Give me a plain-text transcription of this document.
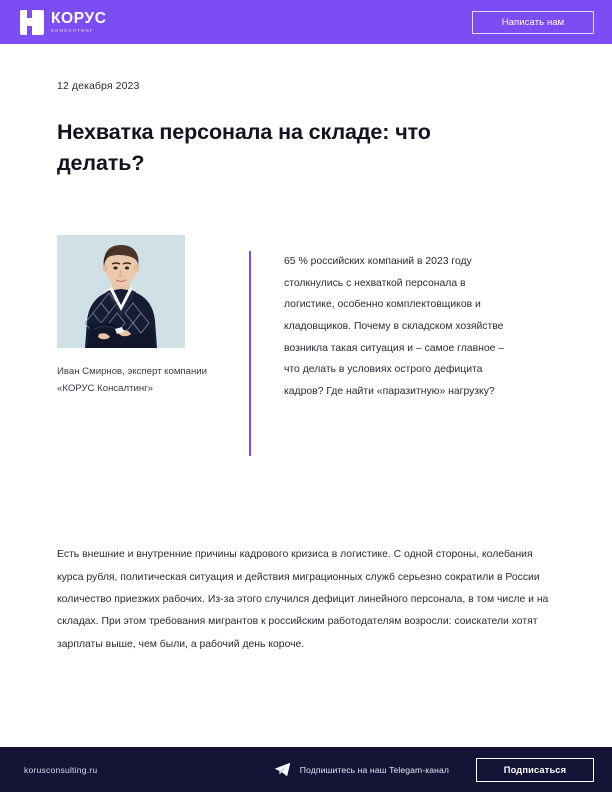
КОРУС
КОНСАЛТИНГ
Написать нам
12 декабря 2023
Нехватка персонала на складе: что делать?
Иван Смирнов, эксперт компании «КОРУС Консалтинг»

65 % российских компаний в 2023 году столкнулись с нехваткой персонала в логистике, особенно комплектовщиков и кладовщиков. Почему в складском хозяйстве возникла такая ситуация и – самое главное – что делать в условиях острого дефицита кадров? Где найти «паразитную» нагрузку?

Есть внешние и внутренние причины кадрового кризиса в логистике. С одной стороны, колебания курса рубля, политическая ситуация и действия миграционных служб серьезно сократили в России количество приезжих рабочих. Из-за этого случился дефицит линейного персонала, в том числе и на складах. При этом требования мигрантов к российским работодателям возросли: соискатели хотят зарплаты выше, чем были, а рабочий день короче.

korusconsulting.ru	Подпишитесь на наш Telegam-канал	Подписаться
